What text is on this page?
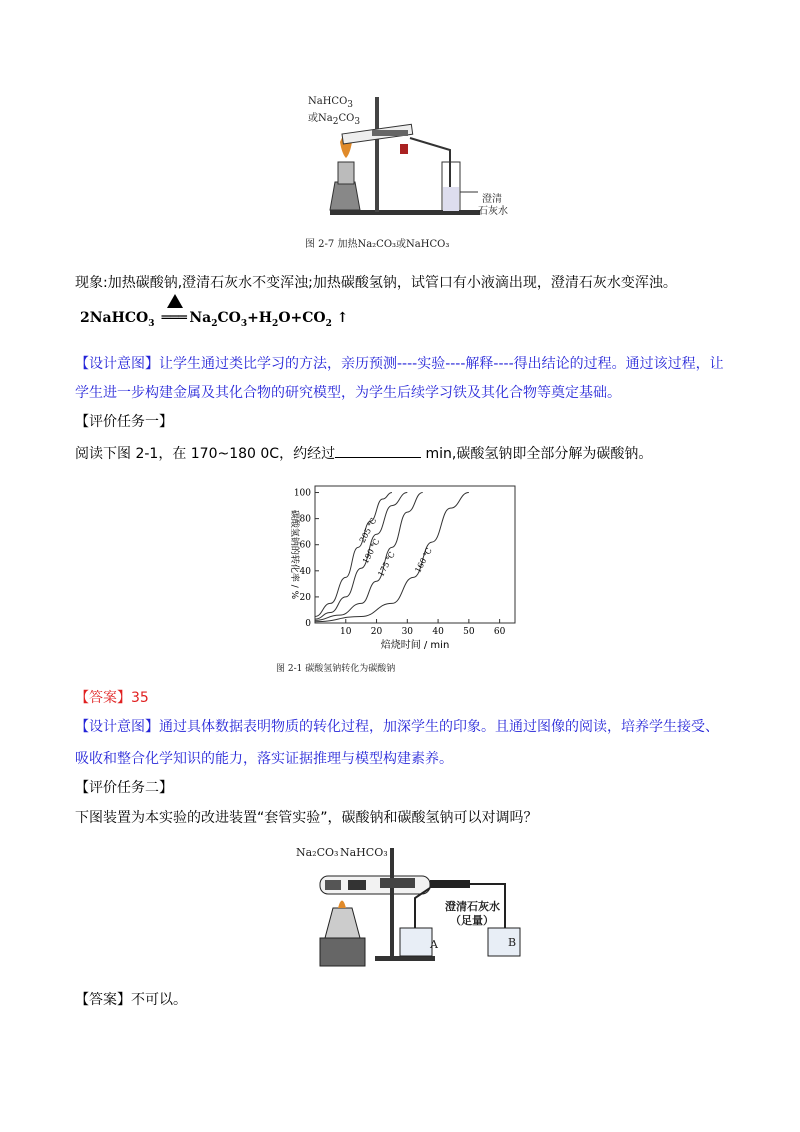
NaHCO$_3$
或$Na_2CO_3$
澄清
石灰水
图 2-7 加热Na₂CO₃或NaHCO₃
现象:加热碳酸钠,澄清石灰水不变浑浊;加热碳酸氢钠，试管口有小液滴出现，澄清石灰水变浑浊。
2NaHCO$_3$ ═══ $Na_2CO_3+H_2O+CO_2$ ↑
【设计意图】让学生通过类比学习的方法，亲历预测----实验----解释----得出结论的过程。通过该过程，让
学生进一步构建金属及其化合物的研究模型，为学生后续学习铁及其化合物等奠定基础。
【评价任务一】
阅读下图 2-1，在 170~180 0C，约经过	min,碳酸氢钠即全部分解为碳酸钠。
0
20
40
60
80
100
10 20 30 40 50 60
焙烧时间 / min
碳酸氢钠的转化率 / %	205 ℃
190 ℃
175 ℃ 160 ℃
图 2-1 碳酸氢钠转化为碳酸钠
【答案】35
【设计意图】通过具体数据表明物质的转化过程，加深学生的印象。且通过图像的阅读，培养学生接受、
吸收和整合化学知识的能力，落实证据推理与模型构建素养。
【评价任务二】
下图装置为本实验的改进装置“套管实验”，碳酸钠和碳酸氢钠可以对调吗？
Na₂CO₃ NaHCO₃
澄清石灰水
（足量）
A	B
【答案】不可以。
